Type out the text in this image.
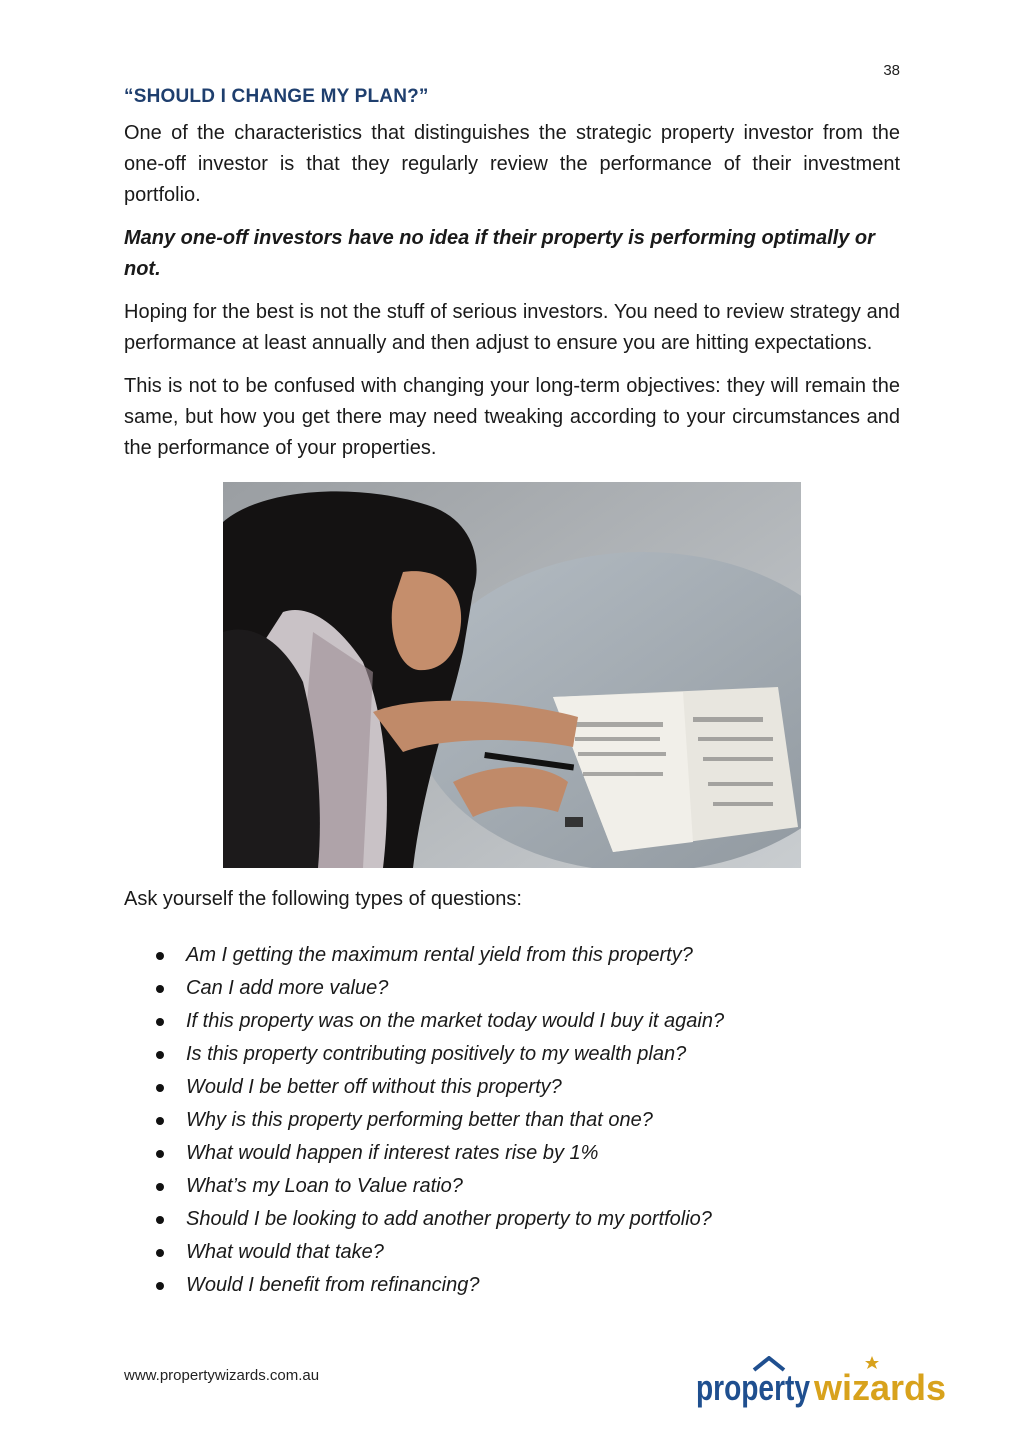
38
“SHOULD I CHANGE MY PLAN?”

One of the characteristics that distinguishes the strategic property investor from the one-off investor is that they regularly review the performance of their investment portfolio.

Many one-off investors have no idea if their property is performing optimally or not.

Hoping for the best is not the stuff of serious investors. You need to review strategy and performance at least annually and then adjust to ensure you are hitting expectations.

This is not to be confused with changing your long-term objectives: they will remain the same, but how you get there may need tweaking according to your circumstances and the performance of your properties.

Ask yourself the following types of questions:

Am I getting the maximum rental yield from this property?
Can I add more value?
If this property was on the market today would I buy it again?
Is this property contributing positively to my wealth plan?
Would I be better off without this property?
Why is this property performing better than that one?
What would happen if interest rates rise by 1%
What’s my Loan to Value ratio?
Should I be looking to add another property to my portfolio?
What would that take?
Would I benefit from refinancing?
www.propertywizards.com.au	property wizards
